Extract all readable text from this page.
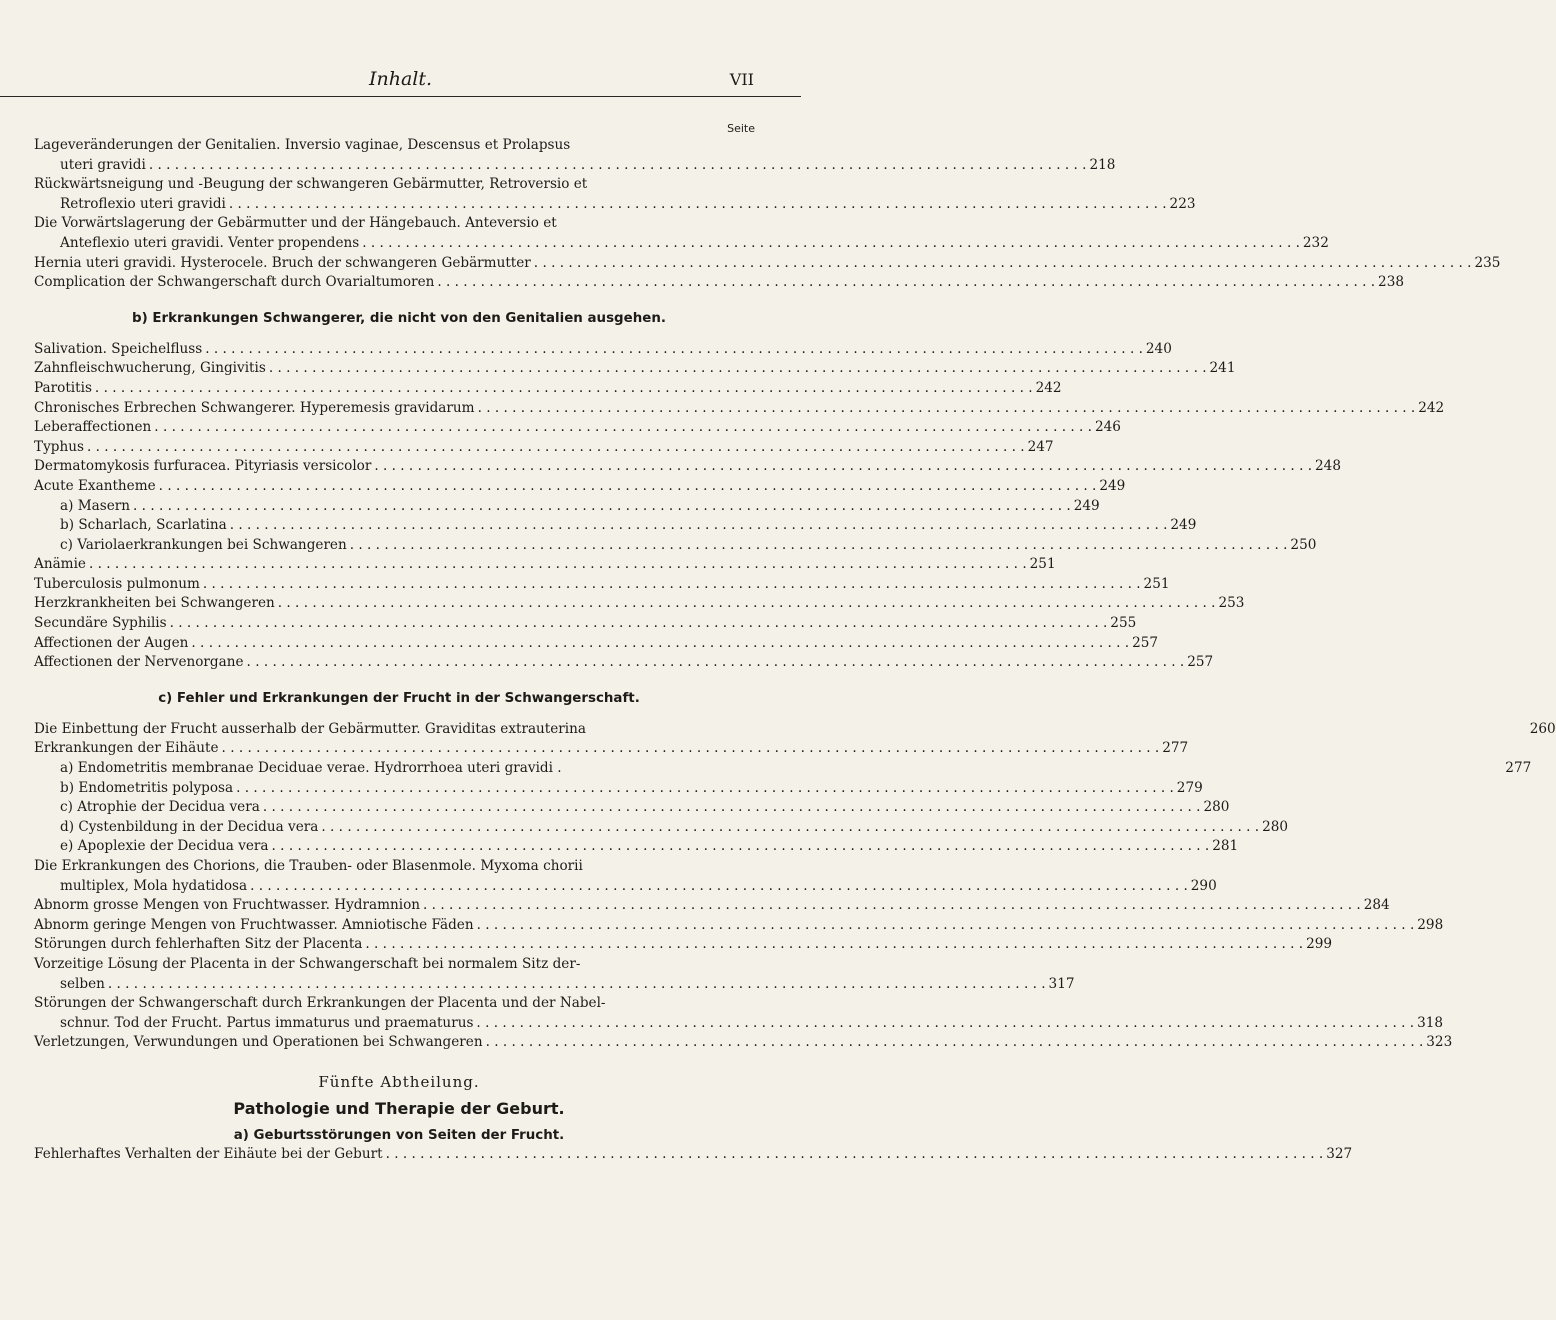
Inhalt.	VII
Seite
Lageveränderungen der Genitalien. Inversio vaginae, Descensus et Prolapsus
uteri gravidi . . .	218
Rückwärtsneigung und -Beugung der schwangeren Gebärmutter, Retroversio et
Retroflexio uteri gravidi . . .	223
Die Vorwärtslagerung der Gebärmutter und der Hängebauch. Anteversio et
Anteflexio uteri gravidi. Venter propendens . . .	232
Hernia uteri gravidi. Hysterocele. Bruch der schwangeren Gebärmutter . . .	235
Complication der Schwangerschaft durch Ovarialtumoren . . .	238
b) Erkrankungen Schwangerer, die nicht von den Genitalien ausgehen.
Salivation. Speichelfluss . . .	240
Zahnfleischwucherung, Gingivitis . . .	241
Parotitis . . .	242
Chronisches Erbrechen Schwangerer. Hyperemesis gravidarum . . .	242
Leberaffectionen . . .	246
Typhus . . .	247
Dermatomykosis furfuracea. Pityriasis versicolor . . .	248
Acute Exantheme . . .	249
a) Masern . . .	249
b) Scharlach, Scarlatina . . .	249
c) Variolaerkrankungen bei Schwangeren . . .	250
Anämie . . .	251
Tuberculosis pulmonum . . .	251
Herzkrankheiten bei Schwangeren . . .	253
Secundäre Syphilis . . .	255
Affectionen der Augen . . .	257
Affectionen der Nervenorgane . . .	257
c) Fehler und Erkrankungen der Frucht in der Schwangerschaft.
Die Einbettung der Frucht ausserhalb der Gebärmutter. Graviditas extrauterina	260
Erkrankungen der Eihäute . . .	277
a) Endometritis membranae Deciduae verae. Hydrorrhoea uteri gravidi .	277
b) Endometritis polyposa . . .	279
c) Atrophie der Decidua vera . . .	280
d) Cystenbildung in der Decidua vera . . .	280
e) Apoplexie der Decidua vera . . .	281
Die Erkrankungen des Chorions, die Trauben- oder Blasenmole. Myxoma chorii
multiplex, Mola hydatidosa . . .	290
Abnorm grosse Mengen von Fruchtwasser. Hydramnion . . .	284
Abnorm geringe Mengen von Fruchtwasser. Amniotische Fäden . . .	298
Störungen durch fehlerhaften Sitz der Placenta . . .	299
Vorzeitige Lösung der Placenta in der Schwangerschaft bei normalem Sitz der-
selben . . .	317
Störungen der Schwangerschaft durch Erkrankungen der Placenta und der Nabel-
schnur. Tod der Frucht. Partus immaturus und praematurus . . .	318
Verletzungen, Verwundungen und Operationen bei Schwangeren . . .	323
Fünfte Abtheilung.
Pathologie und Therapie der Geburt.
a) Geburtsstörungen von Seiten der Frucht.
Fehlerhaftes Verhalten der Eihäute bei der Geburt . . .	327
